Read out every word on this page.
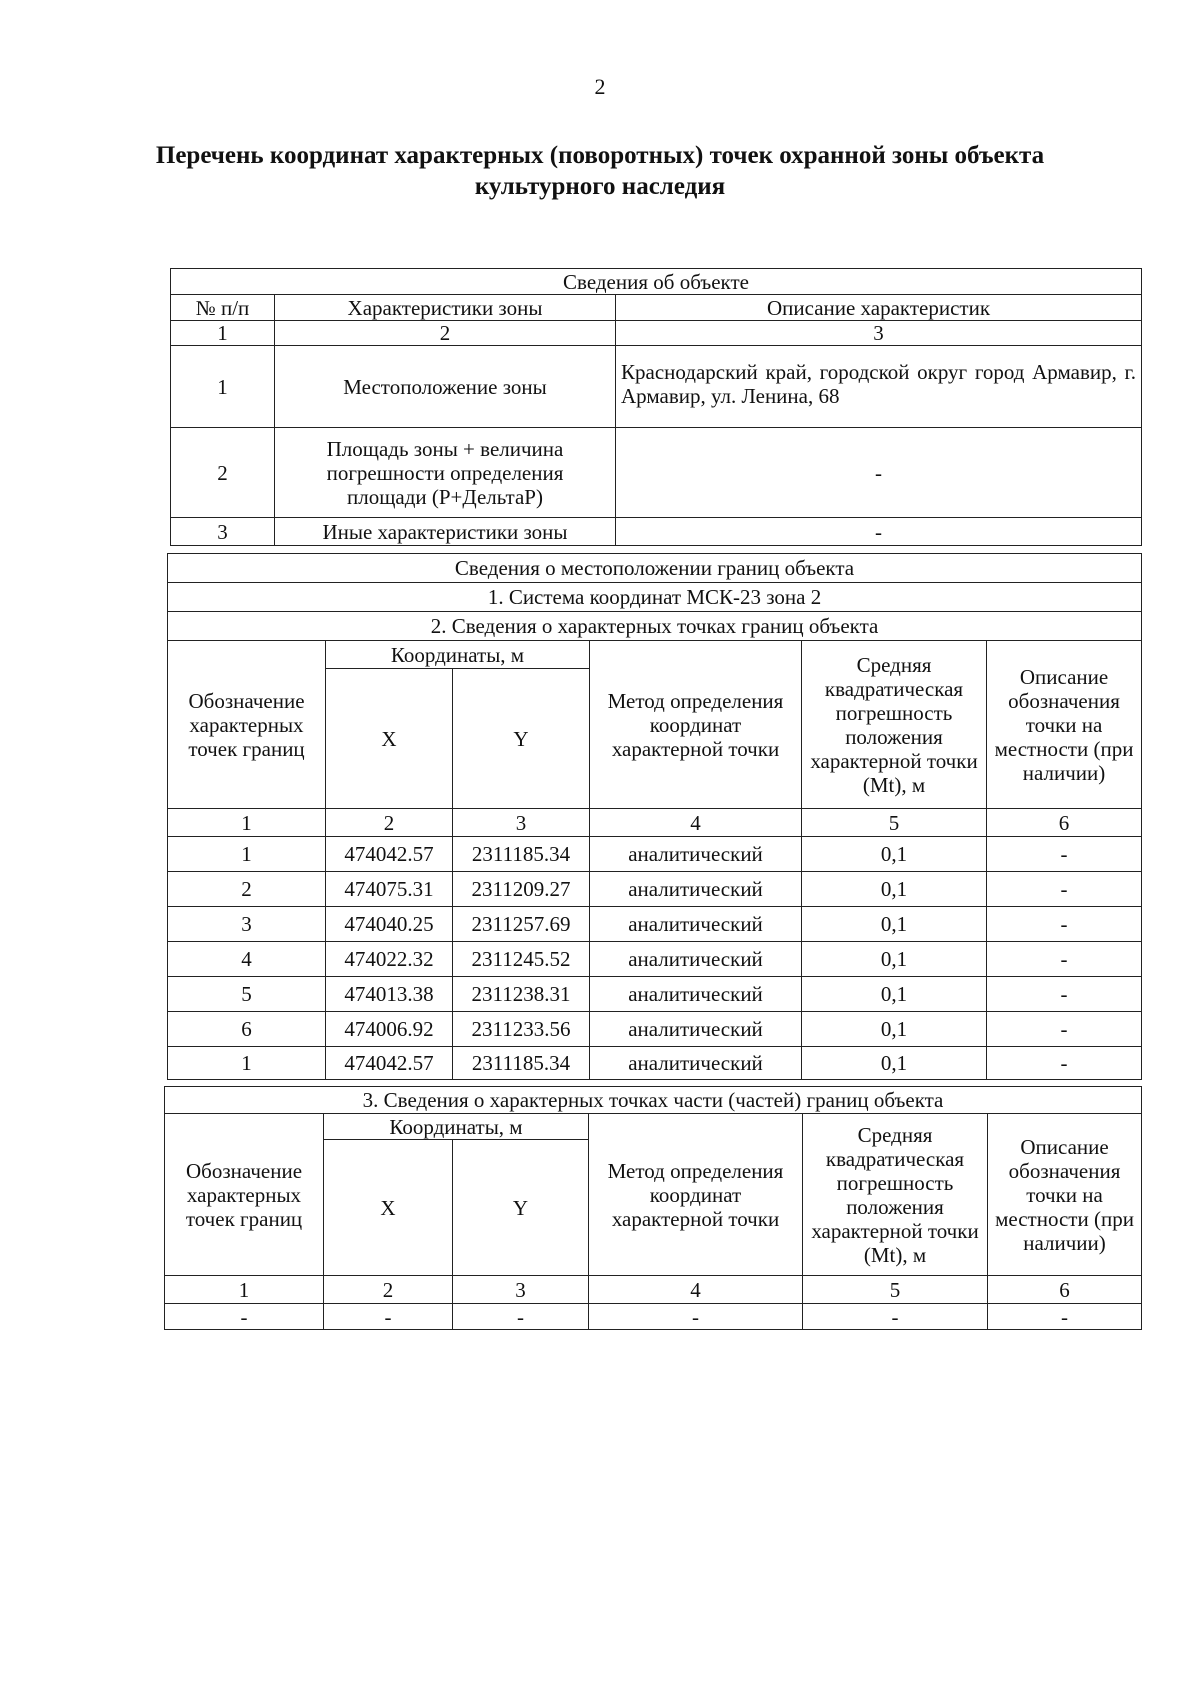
2
Перечень координат характерных (поворотных) точек охранной зоны объекта культурного наследия
Сведения об объекте		
№ п/п	Характеристики зоны	Описание характеристик
1	2	3
1	Местоположение зоны	Краснодарский край, городской округ город Армавир, г. Армавир, ул. Ленина, 68
2	Площадь зоны + величина погрешности определения площади (Р+ДельтаР)	-
3	Иные характеристики зоны	-
Сведения о местоположении границ объекта					
1. Система координат МСК-23 зона 2					
2. Сведения о характерных точках границ объекта					
Обозначение характерных точек границ	Координаты, м		Метод определения координат характерной точки	Средняя квадратическая погрешность положения характерной точки (Mt), м	Описание обозначения точки на местности (при наличии)
	X	Y			
1	2	3	4	5	6
1	474042.57	2311185.34	аналитический	0,1	-
2	474075.31	2311209.27	аналитический	0,1	-
3	474040.25	2311257.69	аналитический	0,1	-
4	474022.32	2311245.52	аналитический	0,1	-
5	474013.38	2311238.31	аналитический	0,1	-
6	474006.92	2311233.56	аналитический	0,1	-
1	474042.57	2311185.34	аналитический	0,1	-
3. Сведения о характерных точках части (частей) границ объекта					
Обозначение характерных точек границ	Координаты, м		Метод определения координат характерной точки	Средняя квадратическая погрешность положения характерной точки (Mt), м	Описание обозначения точки на местности (при наличии)
	X	Y			
1	2	3	4	5	6
-	-	-	-	-	-
